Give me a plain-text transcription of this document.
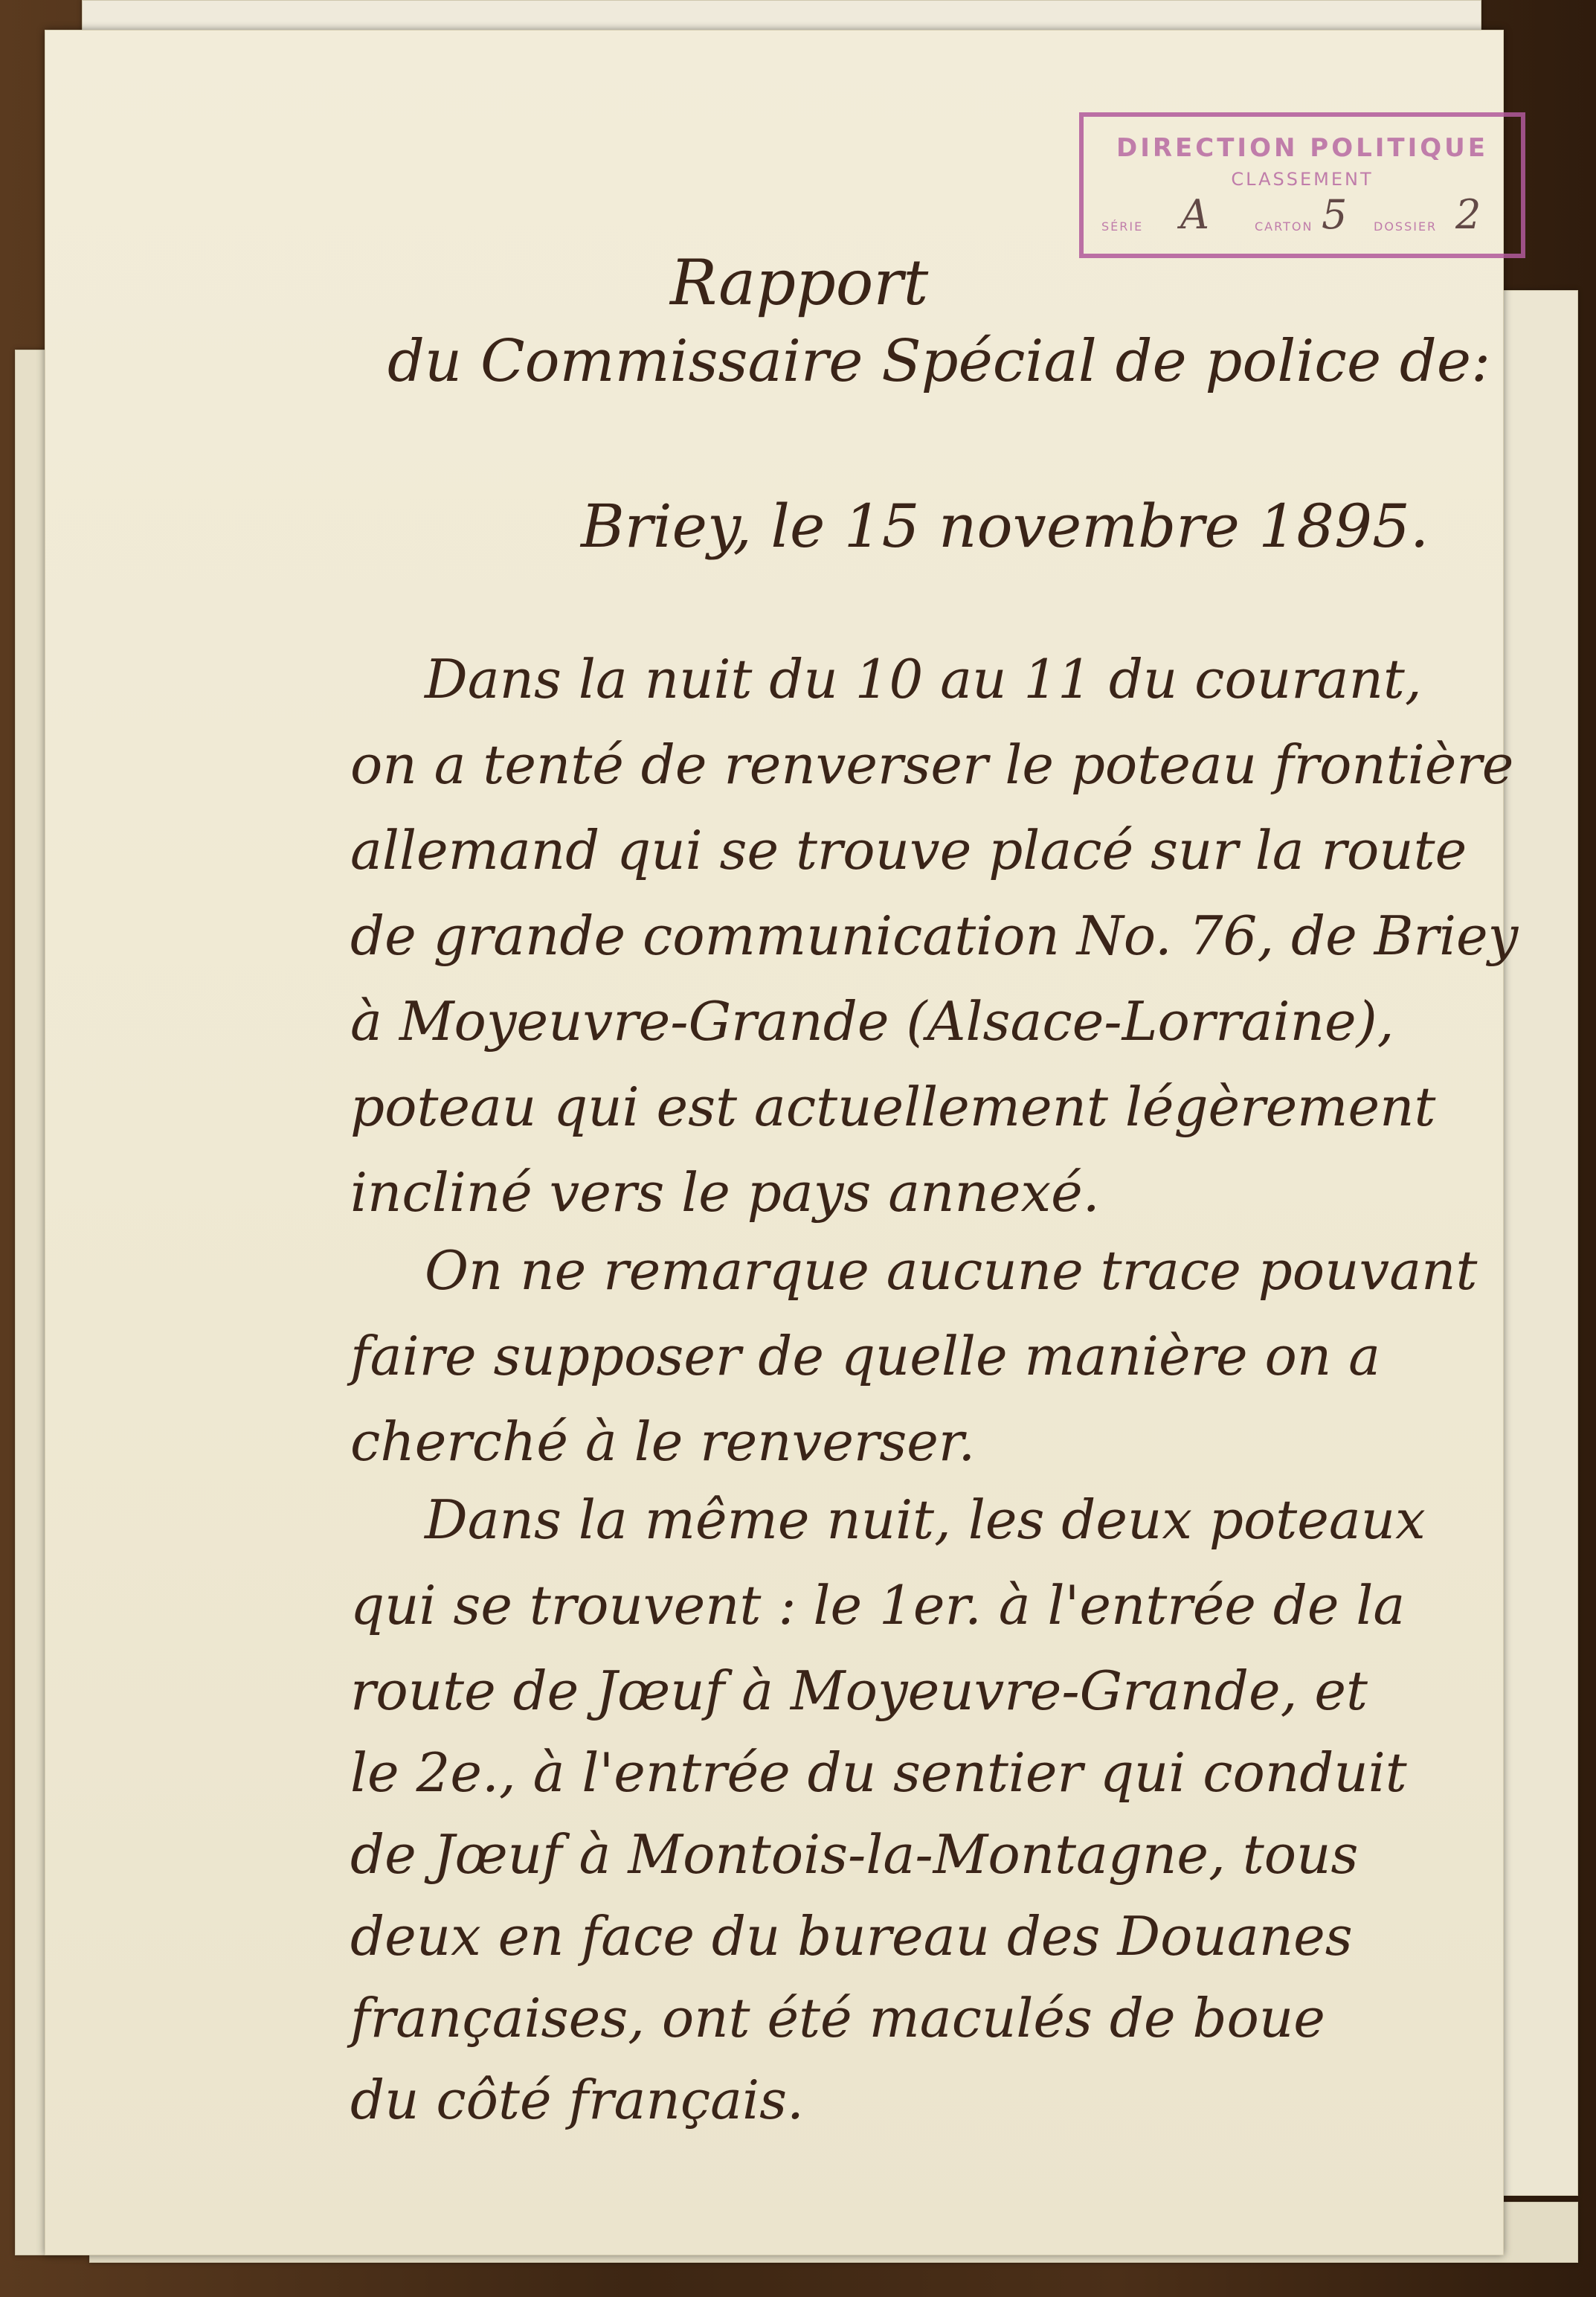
DIRECTION POLITIQUE
CLASSEMENT
SÉRIE A	CARTON 5 DOSSIER 2
Rapport
du Commissaire Spécial de police de:
Briey, le 15 novembre 1895.
Dans la nuit du 10 au 11 du courant,
on a tenté de renverser le poteau frontière
allemand qui se trouve placé sur la route
de grande communication No. 76, de Briey
à Moyeuvre-Grande (Alsace-Lorraine),
poteau qui est actuellement légèrement
incliné vers le pays annexé.
On ne remarque aucune trace pouvant
faire supposer de quelle manière on a
cherché à le renverser.
Dans la même nuit, les deux poteaux
qui se trouvent : le 1er. à l'entrée de la
route de Jœuf à Moyeuvre-Grande, et
le 2e., à l'entrée du sentier qui conduit
de Jœuf à Montois-la-Montagne, tous
deux en face du bureau des Douanes
françaises, ont été maculés de boue
du côté français.
